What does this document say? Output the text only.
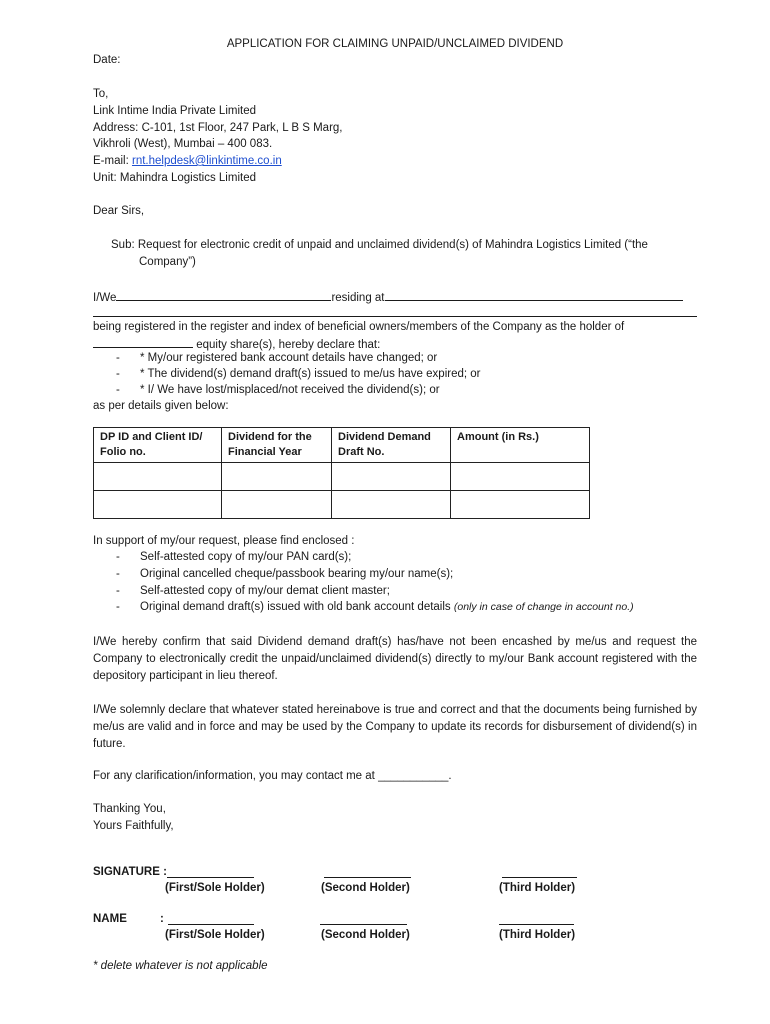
APPLICATION FOR CLAIMING UNPAID/UNCLAIMED DIVIDEND
Date:
To,
Link Intime India Private Limited
Address: C-101, 1st Floor, 247 Park, L B S Marg,
Vikhroli (West), Mumbai – 400 083.
E-mail: rnt.helpdesk@linkintime.co.in
Unit: Mahindra Logistics Limited
Dear Sirs,
Sub: Request for electronic credit of unpaid and unclaimed dividend(s) of Mahindra Logistics Limited (“the
Company”)
I/We	residing at
being registered in the register and index of beneficial owners/members of the Company as the holder of
equity share(s), hereby declare that:
- * My/our registered bank account details have changed; or
- * The dividend(s) demand draft(s) issued to me/us have expired; or
- * I/ We have lost/misplaced/not received the dividend(s); or
as per details given below:
DP ID and Client ID/ Folio no.	Dividend for the Financial Year	Dividend Demand Draft No.	Amount (in Rs.)

In support of my/our request, please find enclosed :
- Self-attested copy of my/our PAN card(s);
- Original cancelled cheque/passbook bearing my/our name(s);
- Self-attested copy of my/our demat client master;
- Original demand draft(s) issued with old bank account details (only in case of change in account no.)
I/We hereby confirm that said Dividend demand draft(s) has/have not been encashed by me/us and request the Company to electronically credit the unpaid/unclaimed dividend(s) directly to my/our Bank account registered with the depository participant in lieu thereof.
I/We solemnly declare that whatever stated hereinabove is true and correct and that the documents being furnished by me/us are valid and in force and may be used by the Company to update its records for disbursement of dividend(s) in future.
For any clarification/information, you may contact me at ___________.
Thanking You,
Yours Faithfully,
SIGNATURE :
(First/Sole Holder)	(Second Holder)	(Third Holder)
NAME	:
(First/Sole Holder)	(Second Holder)	(Third Holder)
* delete whatever is not applicable
